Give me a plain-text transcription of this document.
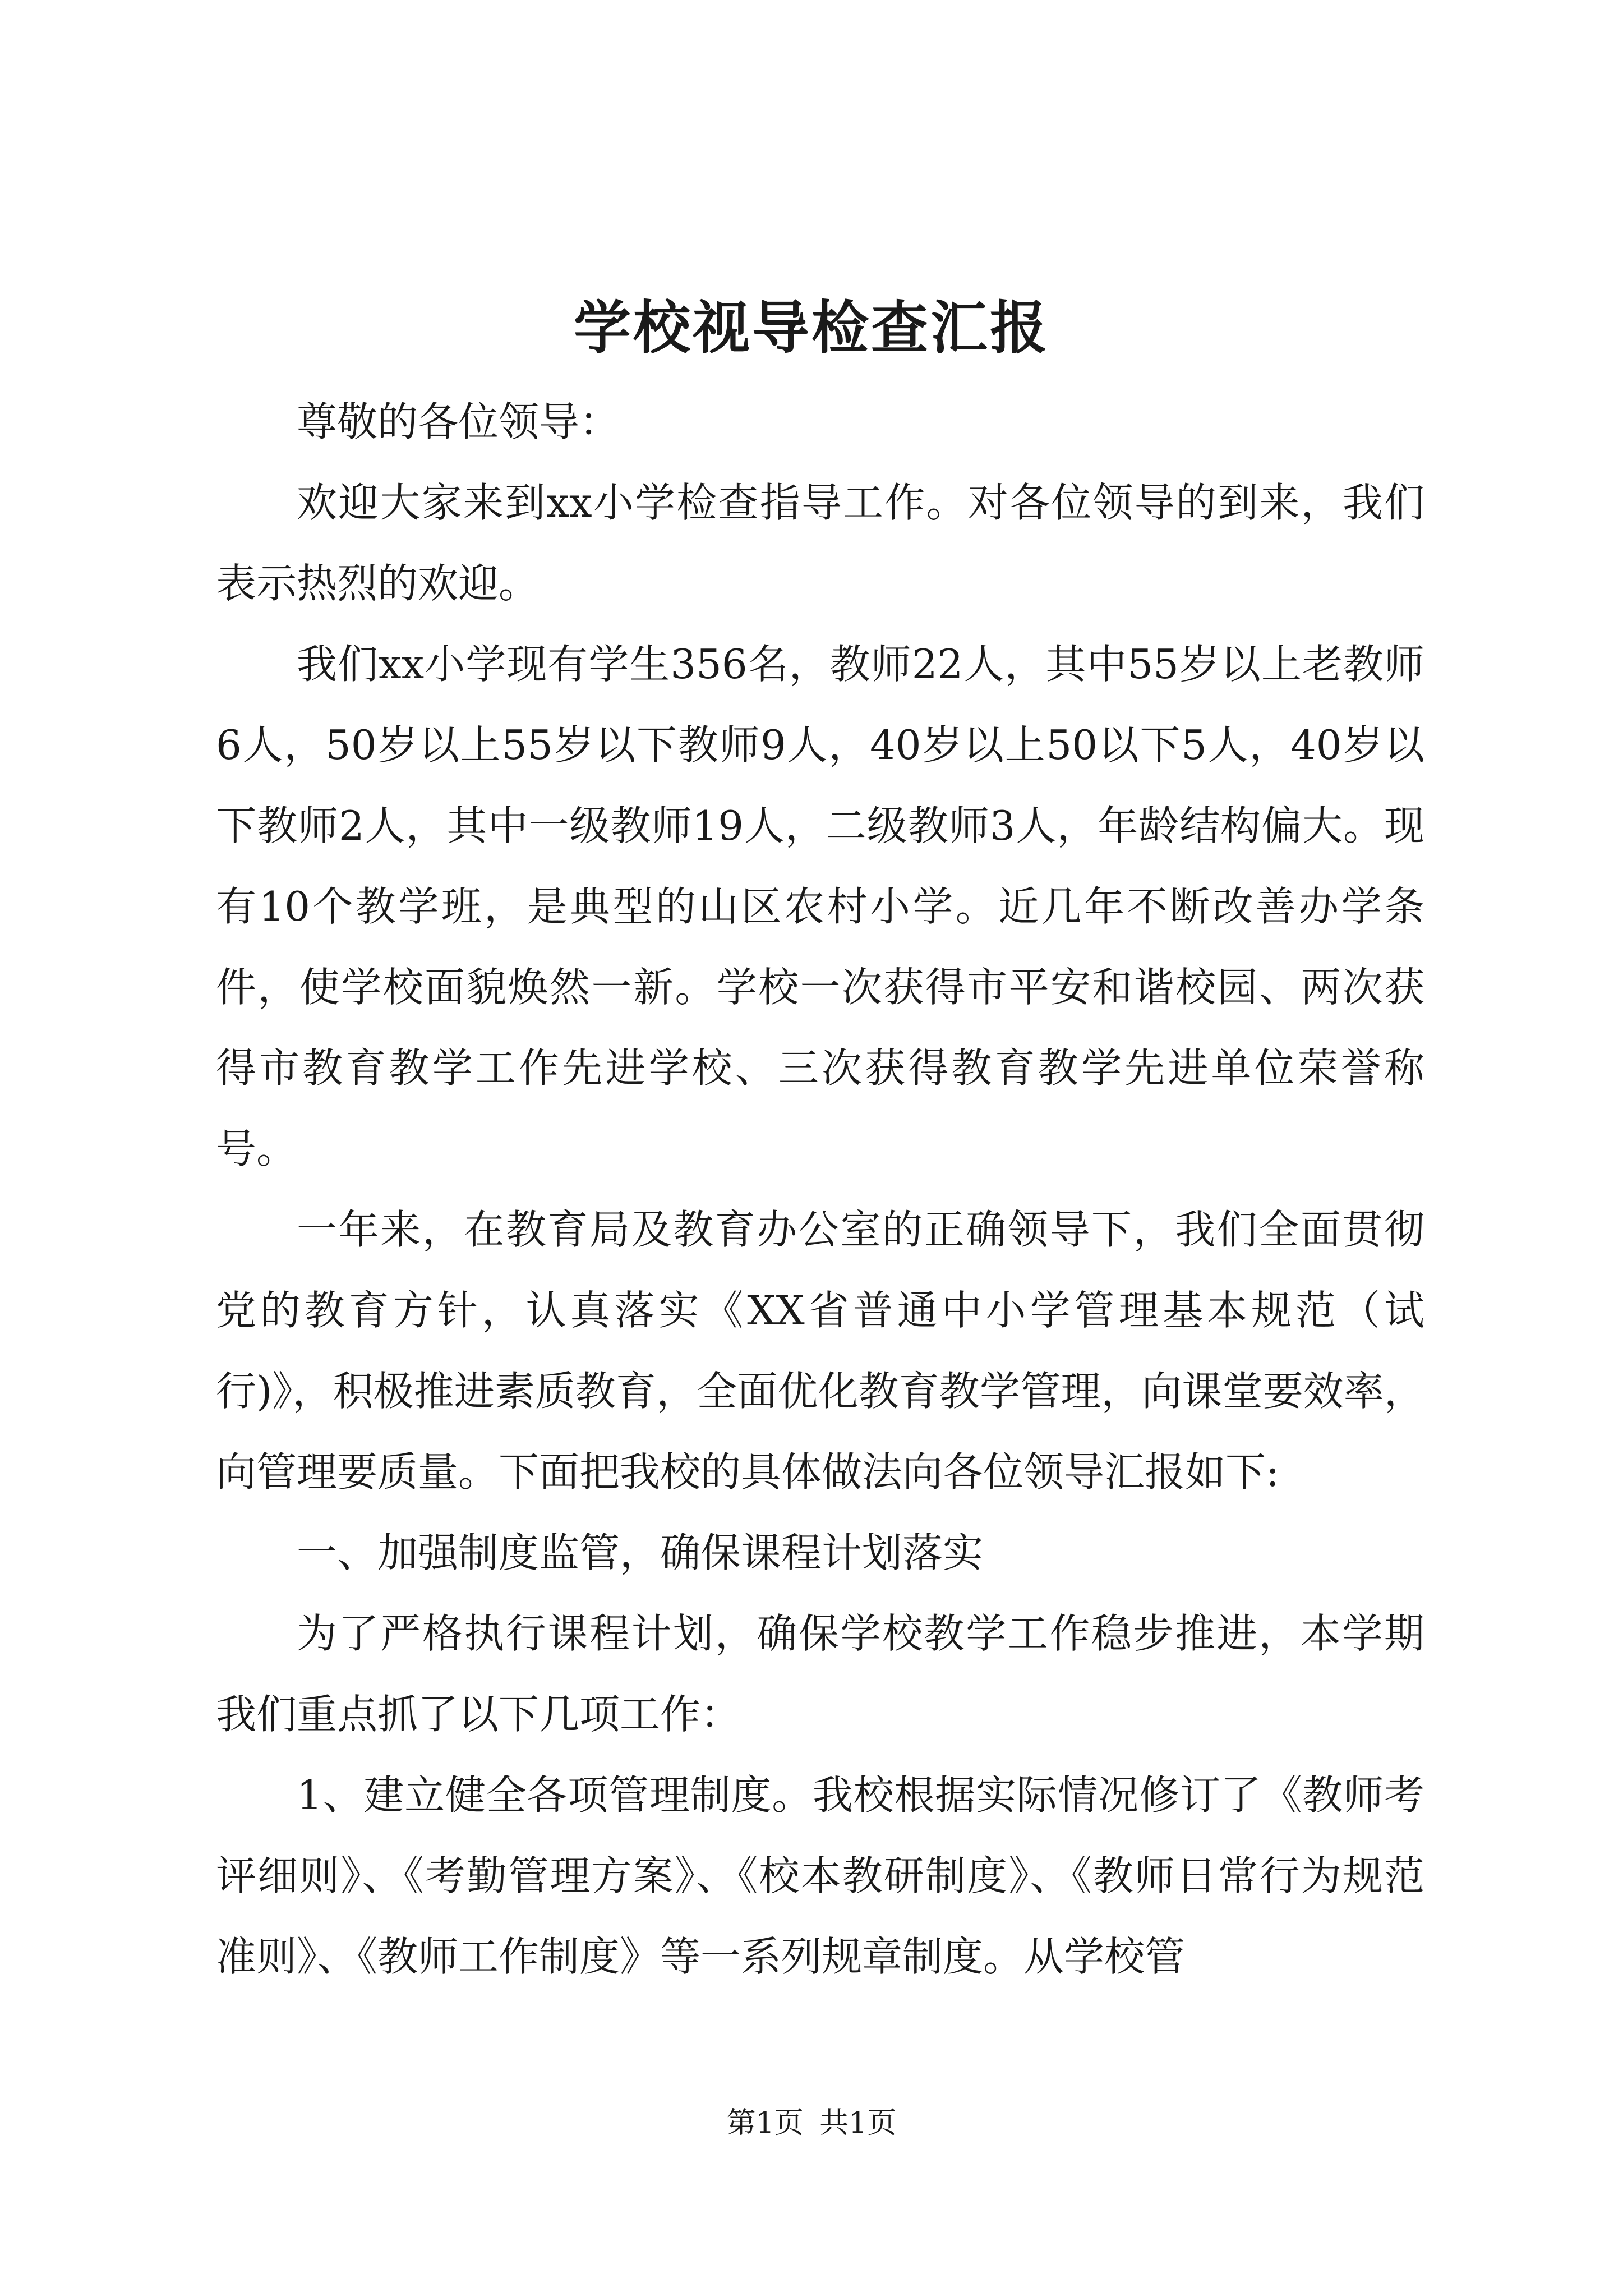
学校视导检查汇报

尊敬的各位领导：

欢迎大家来到xx小学检查指导工作。对各位领导的到来，我们表示热烈的欢迎。

我们xx小学现有学生356名，教师22人，其中55岁以上老教师6人，50岁以上55岁以下教师9人，40岁以上50以下5人，40岁以下教师2人，其中一级教师19人，二级教师3人，年龄结构偏大。现有10个教学班，是典型的山区农村小学。近几年不断改善办学条件，使学校面貌焕然一新。学校一次获得市平安和谐校园、两次获得市教育教学工作先进学校、三次获得教育教学先进单位荣誉称号。

一年来，在教育局及教育办公室的正确领导下，我们全面贯彻党的教育方针，认真落实《XX省普通中小学管理基本规范（试行)》，积极推进素质教育，全面优化教育教学管理，向课堂要效率，向管理要质量。下面把我校的具体做法向各位领导汇报如下:

一、加强制度监管，确保课程计划落实

为了严格执行课程计划，确保学校教学工作稳步推进，本学期我们重点抓了以下几项工作：

1、建立健全各项管理制度。我校根据实际情况修订了《教师考评细则》、《考勤管理方案》、《校本教研制度》、《教师日常行为规范准则》、《教师工作制度》等一系列规章制度。从学校管

第1页 共1页
